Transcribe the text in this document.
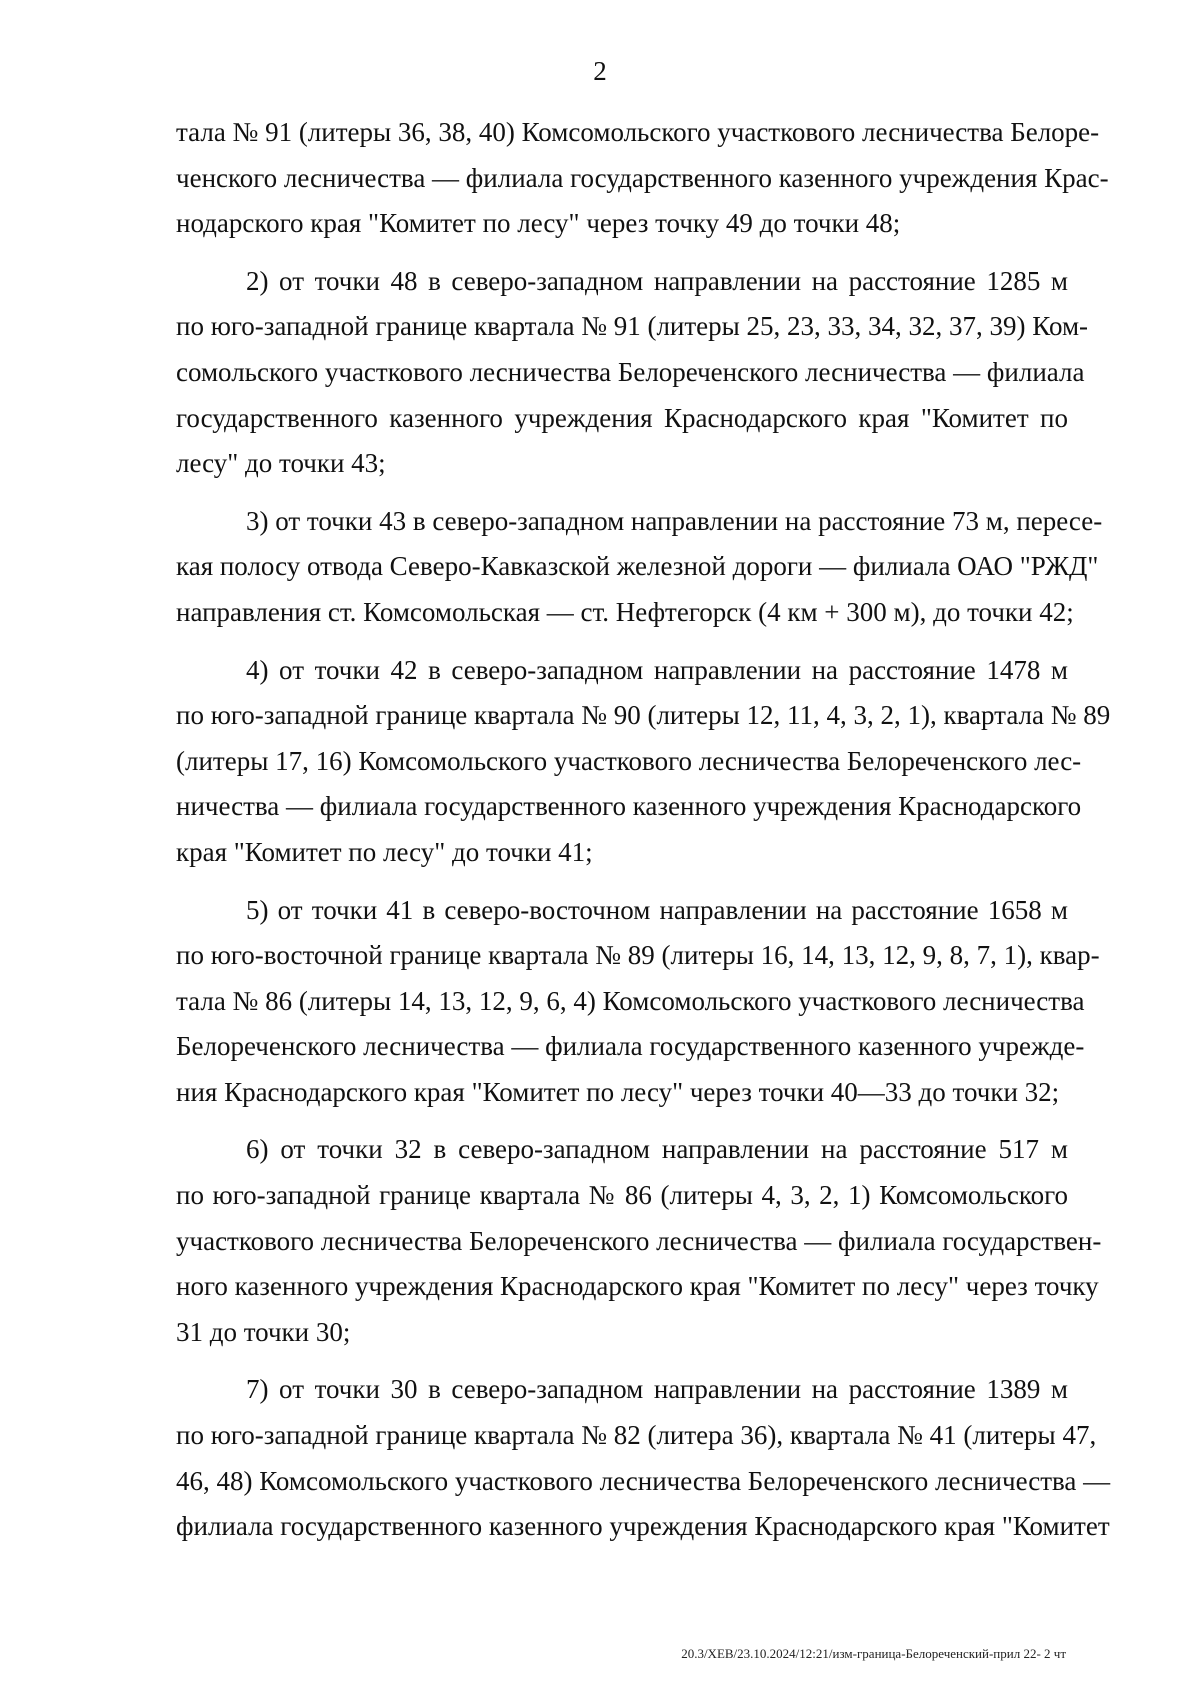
2

тала № 91 (литеры 36, 38, 40) Комсомольского участкового лесничества Белоре-
ченского лесничества — филиала государственного казенного учреждения Крас-
нодарского края "Комитет по лесу" через точку 49 до точки 48;

2) от точки 48 в северо-западном направлении на расстояние 1285 м
по юго-западной границе квартала № 91 (литеры 25, 23, 33, 34, 32, 37, 39) Ком-
сомольского участкового лесничества Белореченского лесничества — филиала
государственного казенного учреждения Краснодарского края "Комитет по
лесу" до точки 43;

3) от точки 43 в северо-западном направлении на расстояние 73 м, пересе-
кая полосу отвода Северо-Кавказской железной дороги — филиала ОАО "РЖД"
направления ст. Комсомольская — ст. Нефтегорск (4 км + 300 м), до точки 42;

4) от точки 42 в северо-западном направлении на расстояние 1478 м
по юго-западной границе квартала № 90 (литеры 12, 11, 4, 3, 2, 1), квартала № 89
(литеры 17, 16) Комсомольского участкового лесничества Белореченского лес-
ничества — филиала государственного казенного учреждения Краснодарского
края "Комитет по лесу" до точки 41;

5) от точки 41 в северо-восточном направлении на расстояние 1658 м
по юго-восточной границе квартала № 89 (литеры 16, 14, 13, 12, 9, 8, 7, 1), квар-
тала № 86 (литеры 14, 13, 12, 9, 6, 4) Комсомольского участкового лесничества
Белореченского лесничества — филиала государственного казенного учрежде-
ния Краснодарского края "Комитет по лесу" через точки 40—33 до точки 32;

6) от точки 32 в северо-западном направлении на расстояние 517 м
по юго-западной границе квартала № 86 (литеры 4, 3, 2, 1) Комсомольского
участкового лесничества Белореченского лесничества — филиала государствен-
ного казенного учреждения Краснодарского края "Комитет по лесу" через точку
31 до точки 30;

7) от точки 30 в северо-западном направлении на расстояние 1389 м
по юго-западной границе квартала № 82 (литера 36), квартала № 41 (литеры 47,
46, 48) Комсомольского участкового лесничества Белореченского лесничества —
филиала государственного казенного учреждения Краснодарского края "Комитет

20.3/XEB/23.10.2024/12:21/изм-граница-Белореченский-прил 22- 2 чт
